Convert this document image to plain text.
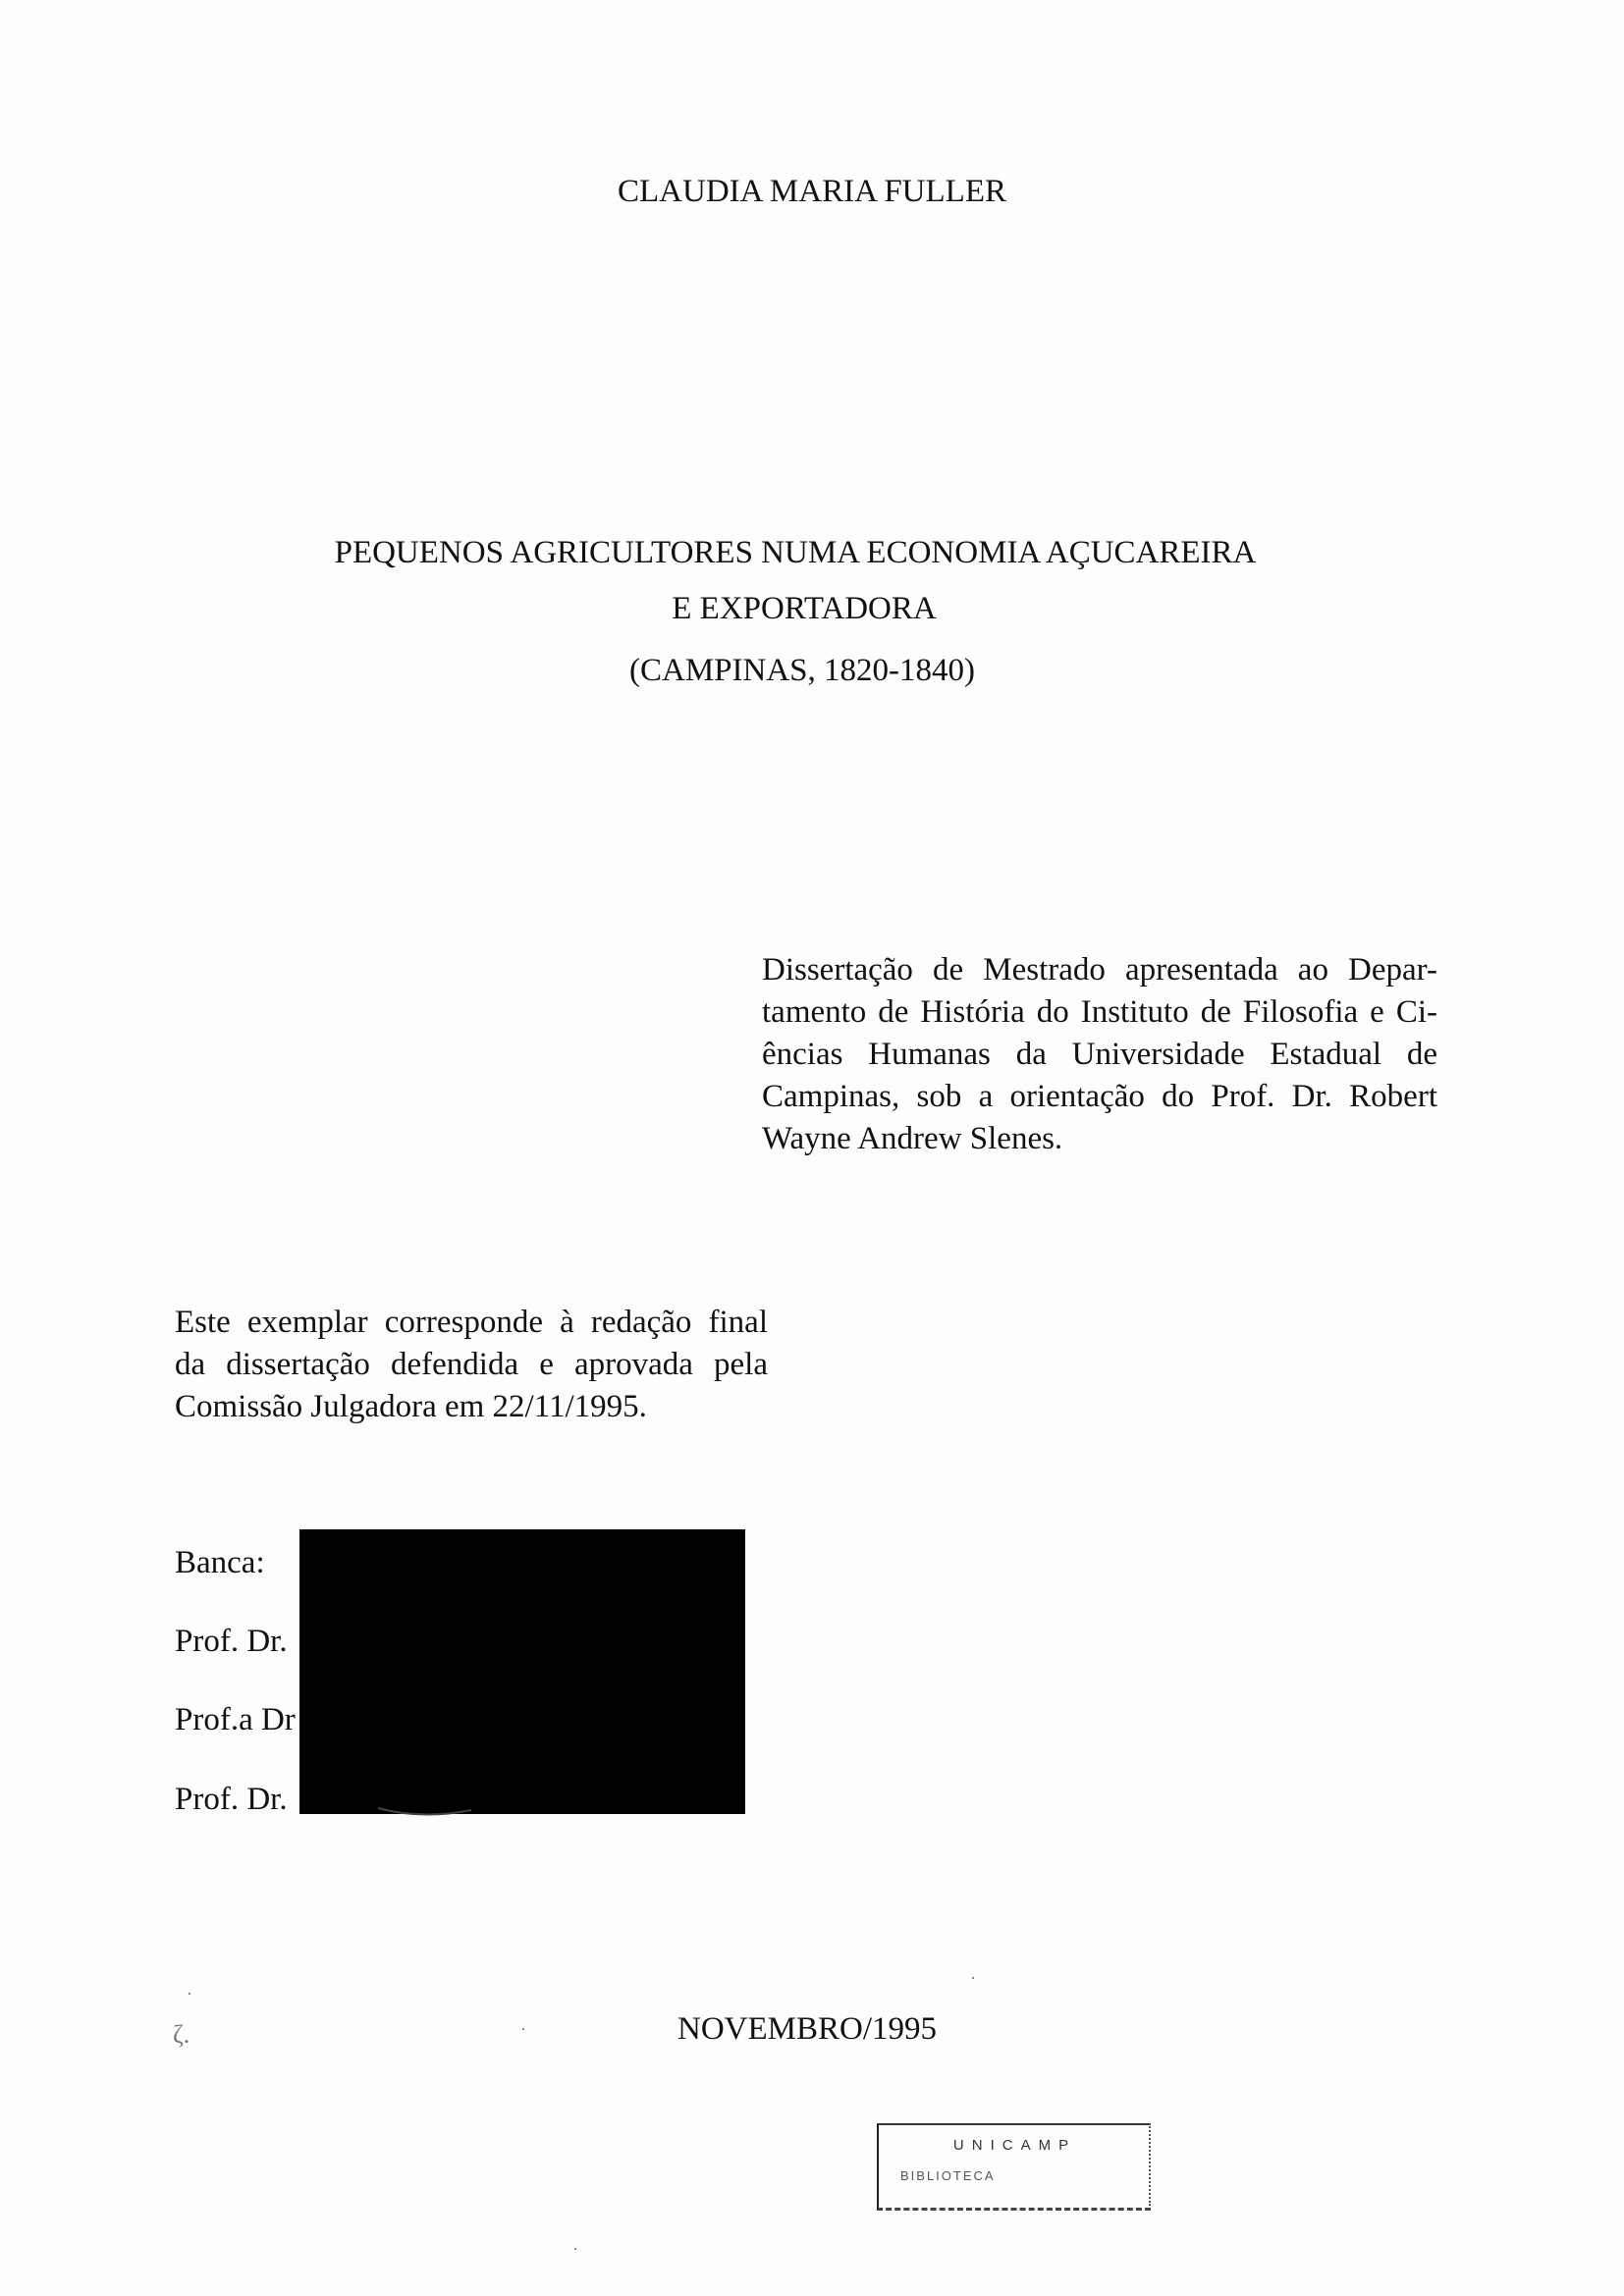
CLAUDIA MARIA FULLER
PEQUENOS AGRICULTORES NUMA ECONOMIA AÇUCAREIRA
E EXPORTADORA
(CAMPINAS, 1820-1840)
Dissertação de Mestrado apresentada ao Depar-
tamento de História do Instituto de Filosofia e Ci-
ências Humanas da Universidade Estadual de
Campinas, sob a orientação do Prof. Dr. Robert
Wayne Andrew Slenes.
Este exemplar corresponde à redação final
da dissertação defendida e aprovada pela
Comissão Julgadora em 22/11/1995.
Banca:
Prof. Dr.
Prof.a Dr
Prof. Dr.
NOVEMBRO/1995
ζ.
UNICAMP
BIBLIOTECA
